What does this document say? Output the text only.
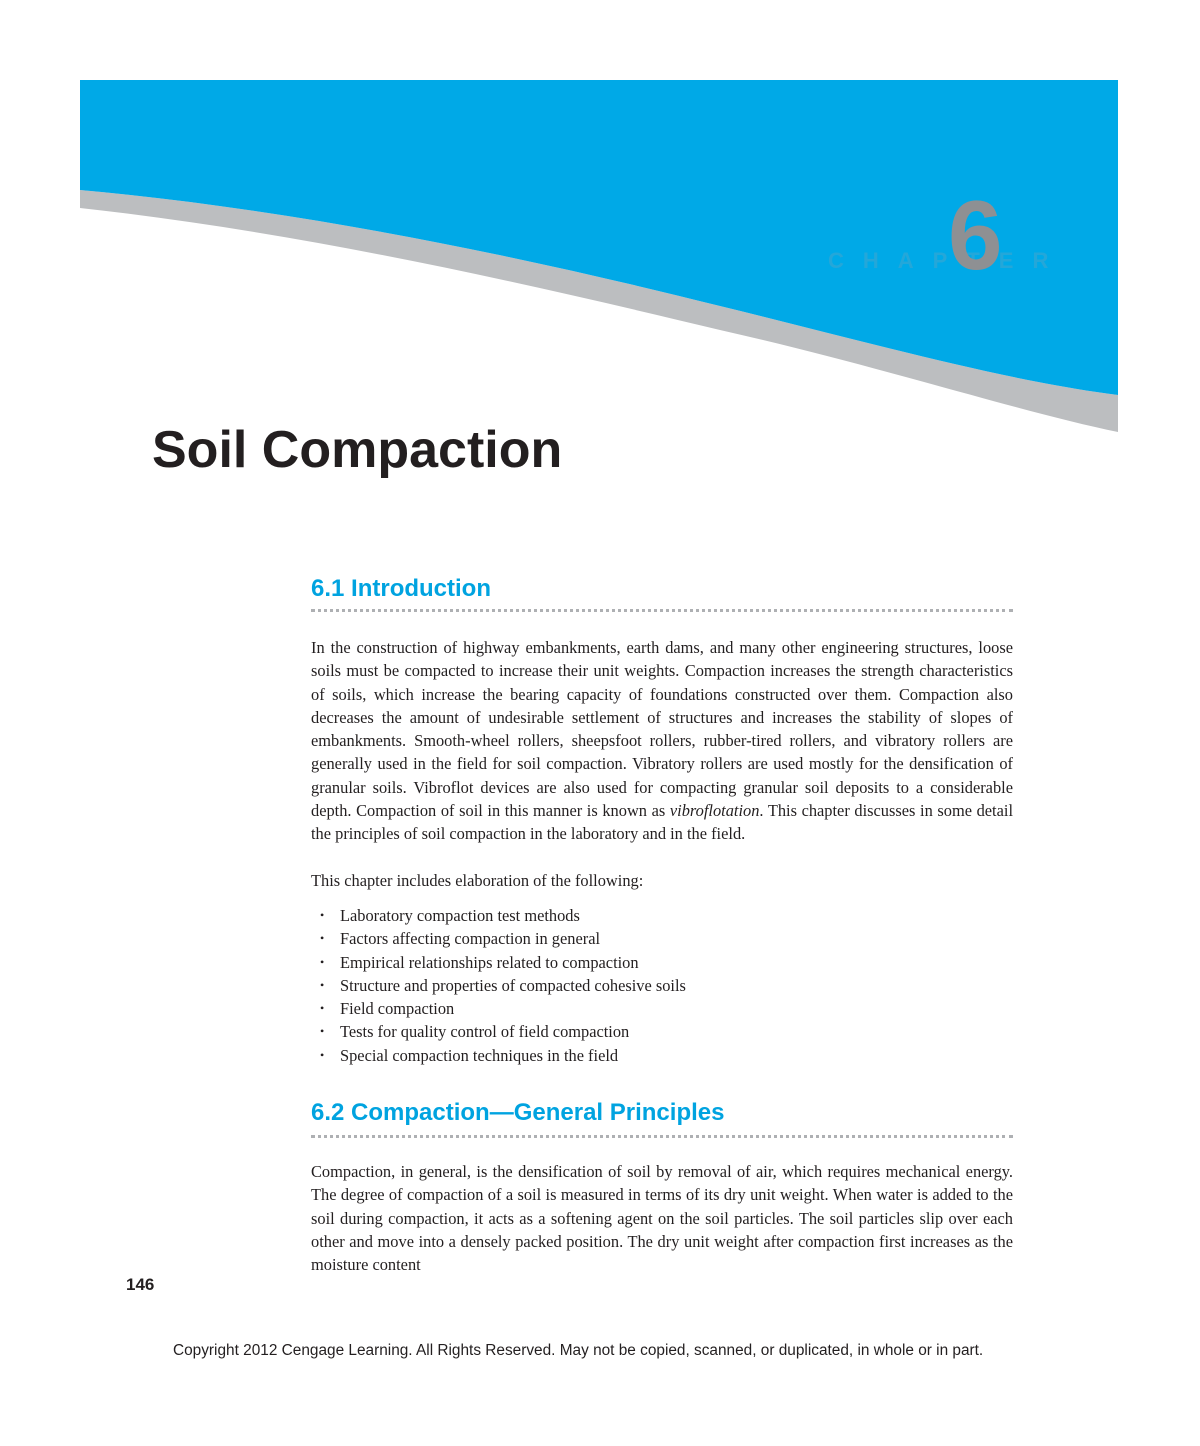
CHAPTER
6
Soil Compaction
6.1 Introduction

In the construction of highway embankments, earth dams, and many other engineering structures, loose soils must be compacted to increase their unit weights. Compaction increases the strength characteristics of soils, which increase the bearing capacity of foundations constructed over them. Compaction also decreases the amount of undesirable settlement of structures and increases the stability of slopes of embankments. Smooth-wheel rollers, sheepsfoot rollers, rubber-tired rollers, and vibratory rollers are generally used in the field for soil compaction. Vibratory rollers are used mostly for the densification of granular soils. Vibroflot devices are also used for compacting granular soil deposits to a considerable depth. Compaction of soil in this manner is known as vibroflotation. This chapter discusses in some detail the principles of soil compaction in the laboratory and in the field.

This chapter includes elaboration of the following:

• Laboratory compaction test methods
• Factors affecting compaction in general
• Empirical relationships related to compaction
• Structure and properties of compacted cohesive soils
• Field compaction
• Tests for quality control of field compaction
• Special compaction techniques in the field
6.2 Compaction—General Principles

Compaction, in general, is the densification of soil by removal of air, which requires mechanical energy. The degree of compaction of a soil is measured in terms of its dry unit weight. When water is added to the soil during compaction, it acts as a softening agent on the soil particles. The soil particles slip over each other and move into a densely packed position. The dry unit weight after compaction first increases as the moisture content

146
Copyright 2012 Cengage Learning. All Rights Reserved. May not be copied, scanned, or duplicated, in whole or in part.
